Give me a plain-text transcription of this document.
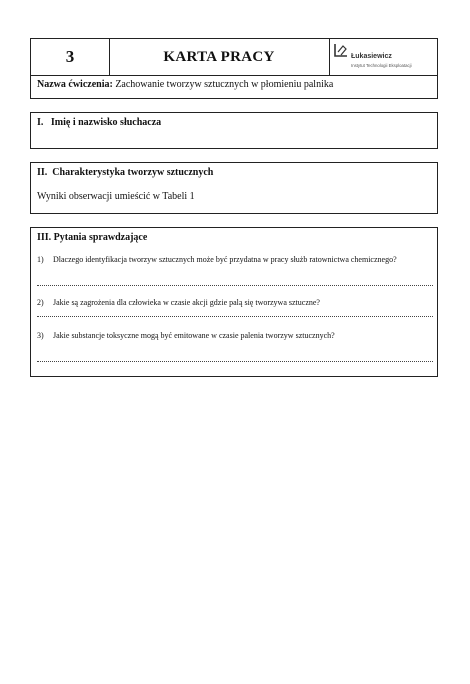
3	KARTA PRACY	Łukasiewicz
Instytut Technologii Eksploatacji
Nazwa ćwiczenia: Zachowanie tworzyw sztucznych w płomieniu palnika
I.   Imię i nazwisko słuchacza
II.  Charakterystyka tworzyw sztucznych
Wyniki obserwacji umieścić w Tabeli 1
III. Pytania sprawdzające
1) Dlaczego identyfikacja tworzyw sztucznych może być przydatna w pracy służb ratownictwa chemicznego?
2) Jakie są zagrożenia dla człowieka w czasie akcji gdzie palą się tworzywa sztuczne?
3) Jakie substancje toksyczne mogą być emitowane w czasie palenia tworzyw sztucznych?
